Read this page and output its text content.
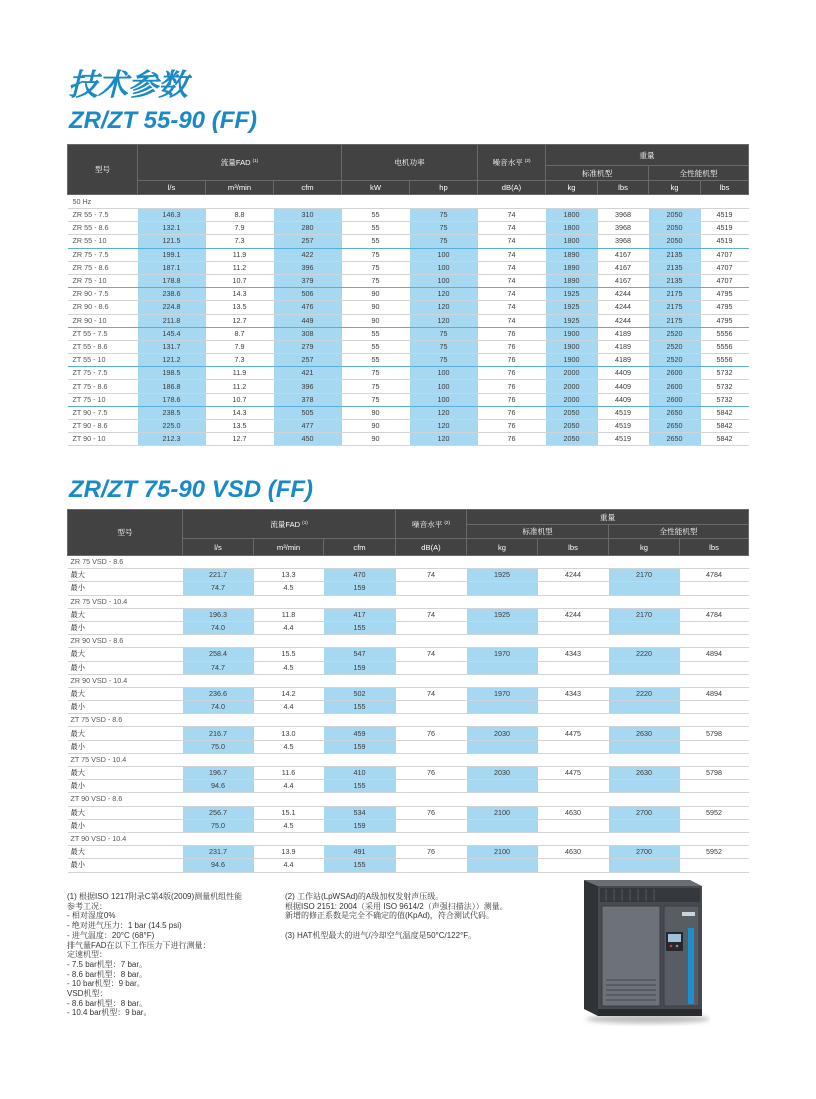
技术参数
ZR/ZT 55-90 (FF)
型号	流量FAD $^{(1)}$			电机功率		噪音水平 $^{(2)}$	重量			
							标准机型		全性能机型	
	l/s	m³/min	cfm	kW	hp	dB(A)	kg	lbs	kg	lbs
50 Hz										
ZR 55 - 7.5	146.3	8.8	310	55	75	74	1800	3968	2050	4519
ZR 55 - 8.6	132.1	7.9	280	55	75	74	1800	3968	2050	4519
ZR 55 - 10	121.5	7.3	257	55	75	74	1800	3968	2050	4519
ZR 75 - 7.5	199.1	11.9	422	75	100	74	1890	4167	2135	4707
ZR 75 - 8.6	187.1	11.2	396	75	100	74	1890	4167	2135	4707
ZR 75 - 10	178.8	10.7	379	75	100	74	1890	4167	2135	4707
ZR 90 - 7.5	238.6	14.3	506	90	120	74	1925	4244	2175	4795
ZR 90 - 8.6	224.8	13.5	476	90	120	74	1925	4244	2175	4795
ZR 90 - 10	211.8	12.7	449	90	120	74	1925	4244	2175	4795
ZT 55 - 7.5	145.4	8.7	308	55	75	76	1900	4189	2520	5556
ZT 55 - 8.6	131.7	7.9	279	55	75	76	1900	4189	2520	5556
ZT 55 - 10	121.2	7.3	257	55	75	76	1900	4189	2520	5556
ZT 75 - 7.5	198.5	11.9	421	75	100	76	2000	4409	2600	5732
ZT 75 - 8.6	186.8	11.2	396	75	100	76	2000	4409	2600	5732
ZT 75 - 10	178.6	10.7	378	75	100	76	2000	4409	2600	5732
ZT 90 - 7.5	238.5	14.3	505	90	120	76	2050	4519	2650	5842
ZT 90 - 8.6	225.0	13.5	477	90	120	76	2050	4519	2650	5842
ZT 90 - 10	212.3	12.7	450	90	120	76	2050	4519	2650	5842
ZR/ZT 75-90 VSD (FF)
型号	流量FAD $^{(1)}$			噪音水平 $^{(2)}$	重量			
					标准机型		全性能机型	
	l/s	m³/min	cfm	dB(A)	kg	lbs	kg	lbs
ZR 75 VSD - 8.6								
最大	221.7	13.3	470	74	1925	4244	2170	4784
最小	74.7	4.5	159					
ZR 75 VSD - 10.4								
最大	196.3	11.8	417	74	1925	4244	2170	4784
最小	74.0	4.4	155					
ZR 90 VSD - 8.6								
最大	258.4	15.5	547	74	1970	4343	2220	4894
最小	74.7	4.5	159					
ZR 90 VSD - 10.4								
最大	236.6	14.2	502	74	1970	4343	2220	4894
最小	74.0	4.4	155					
ZT 75 VSD - 8.6								
最大	216.7	13.0	459	76	2030	4475	2630	5798
最小	75.0	4.5	159					
ZT 75 VSD - 10.4								
最大	196.7	11.6	410	76	2030	4475	2630	5798
最小	94.6	4.4	155					
ZT 90 VSD - 8.6								
最大	256.7	15.1	534	76	2100	4630	2700	5952
最小	75.0	4.5	159					
ZT 90 VSD - 10.4								
最大	231.7	13.9	491	76	2100	4630	2700	5952
最小	94.6	4.4	155					
(1) 根据ISO 1217附录C第4版(2009)测量机组性能
参考工况：
- 相对湿度0%
- 绝对进气压力：1 bar (14.5 psi)
- 进气温度：20°C (68°F)
排气量FAD在以下工作压力下进行测量：
定速机型：
- 7.5 bar机型：7 bar。
- 8.6 bar机型：8 bar。
- 10 bar机型：9 bar。
VSD机型：
- 8.6 bar机型：8 bar。
- 10.4 bar机型：9 bar。
(2) 工作站(LpWSAd)的A级加权发射声压级。
根据ISO 2151: 2004（采用 ISO 9614/2（声强扫描法））测量。
新增的修正系数是完全不确定的值(KpAd)，符合测试代码。
(3) HAT机型最大的进气/冷却空气温度是50°C/122°F。
